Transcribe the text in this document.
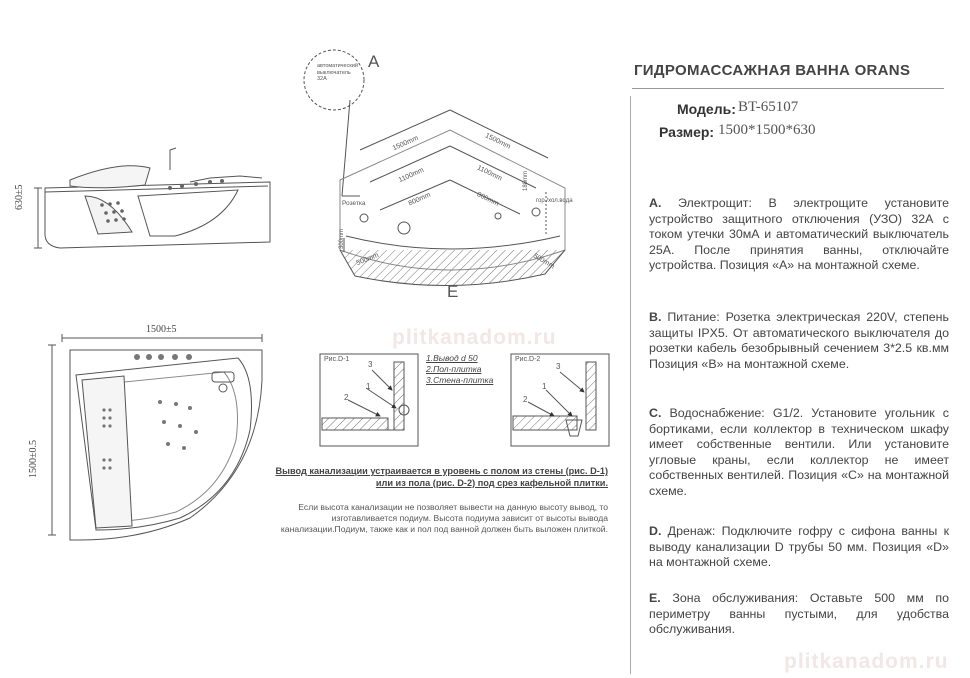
plitkanadom.ru
plitkanadom.ru
630±5
1500±5
1500±0.5
автоматический выключатель 32А
A
E
1500mm	1500mm
1100mm	1100mm
800mm	800mm
500mm	500mm
180mm
300mm
Розетка	гор./хол.вода
Рис.D-1	Рис.D-2
1
2
3
1
2
3
1.Вывод d 50
2.Пол-плитка
3.Стена-плитка
Вывод канализации устраивается в уровень с полом из стены (рис. D-1) или из пола (рис. D-2) под срез кафельной плитки.
Если высота канализации не позволяет вывести на данную высоту вывод, то изготавливается подиум. Высота подиума зависит от высоты вывода канализации.Подиум, также как и пол под ванной должен быть выложен плиткой.
ГИДРОМАССАЖНАЯ ВАННА ORANS
Модель: BT-65107
Размер: 1500*1500*630
A. Электрощит: В электрощите установите устройство защитного отключения (УЗО) 32А с током утечки 30мА и автоматический выключатель 25А. После принятия ванны, отключайте устройства. Позиция «А» на монтажной схеме.
B. Питание: Розетка электрическая 220V, степень защиты IPX5. От автоматического выключателя до розетки кабель безобрывный сечением 3*2.5 кв.мм Позиция «В» на монтажной схеме.
C. Водоснабжение: G1/2. Установите угольник с бортиками, если коллектор в техническом шкафу имеет собственные вентили. Или установите угловые краны, если коллектор не имеет собственных вентилей. Позиция «С» на монтажной схеме.
D. Дренаж: Подключите гофру с сифона ванны к выводу канализации D трубы 50 мм. Позиция «D» на монтажной схеме.
E. Зона обслуживания: Оставьте 500 мм по периметру ванны пустыми, для удобства обслуживания.
